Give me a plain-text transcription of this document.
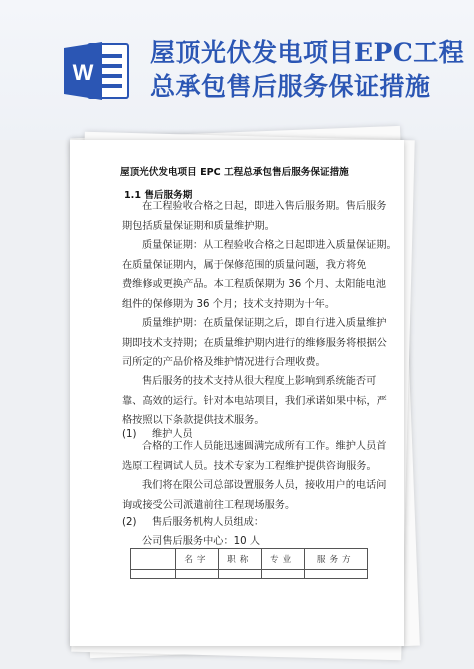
W
屋顶光伏发电项目EPC工程
总承包售后服务保证措施
屋顶光伏发电项目 EPC 工程总承包售后服务保证措施
1.1 售后服务期
在工程验收合格之日起，即进入售后服务期。售后服务
期包括质量保证期和质量维护期。
质量保证期：从工程验收合格之日起即进入质量保证期。
在质量保证期内，属于保修范围的质量问题，我方将免
费维修或更换产品。本工程质保期为 36 个月、太阳能电池
组件的保修期为 36 个月；技术支持期为十年。
质量维护期：在质量保证期之后，即自行进入质量维护
期即技术支持期；在质量维护期内进行的维修服务将根据公
司所定的产品价格及维护情况进行合理收费。
售后服务的技术支持从很大程度上影响到系统能否可
靠、高效的运行。针对本电站项目，我们承诺如果中标，严
格按照以下条款提供技术服务。
(1) 维护人员
合格的工作人员能迅速圆满完成所有工作。维护人员首
选原工程调试人员。技术专家为工程维护提供咨询服务。
我们将在限公司总部设置服务人员，接收用户的电话问
询或接受公司派遣前往工程现场服务。
(2) 售后服务机构人员组成：
公司售后服务中心：10 人
	名字	职称	专业	服务方
